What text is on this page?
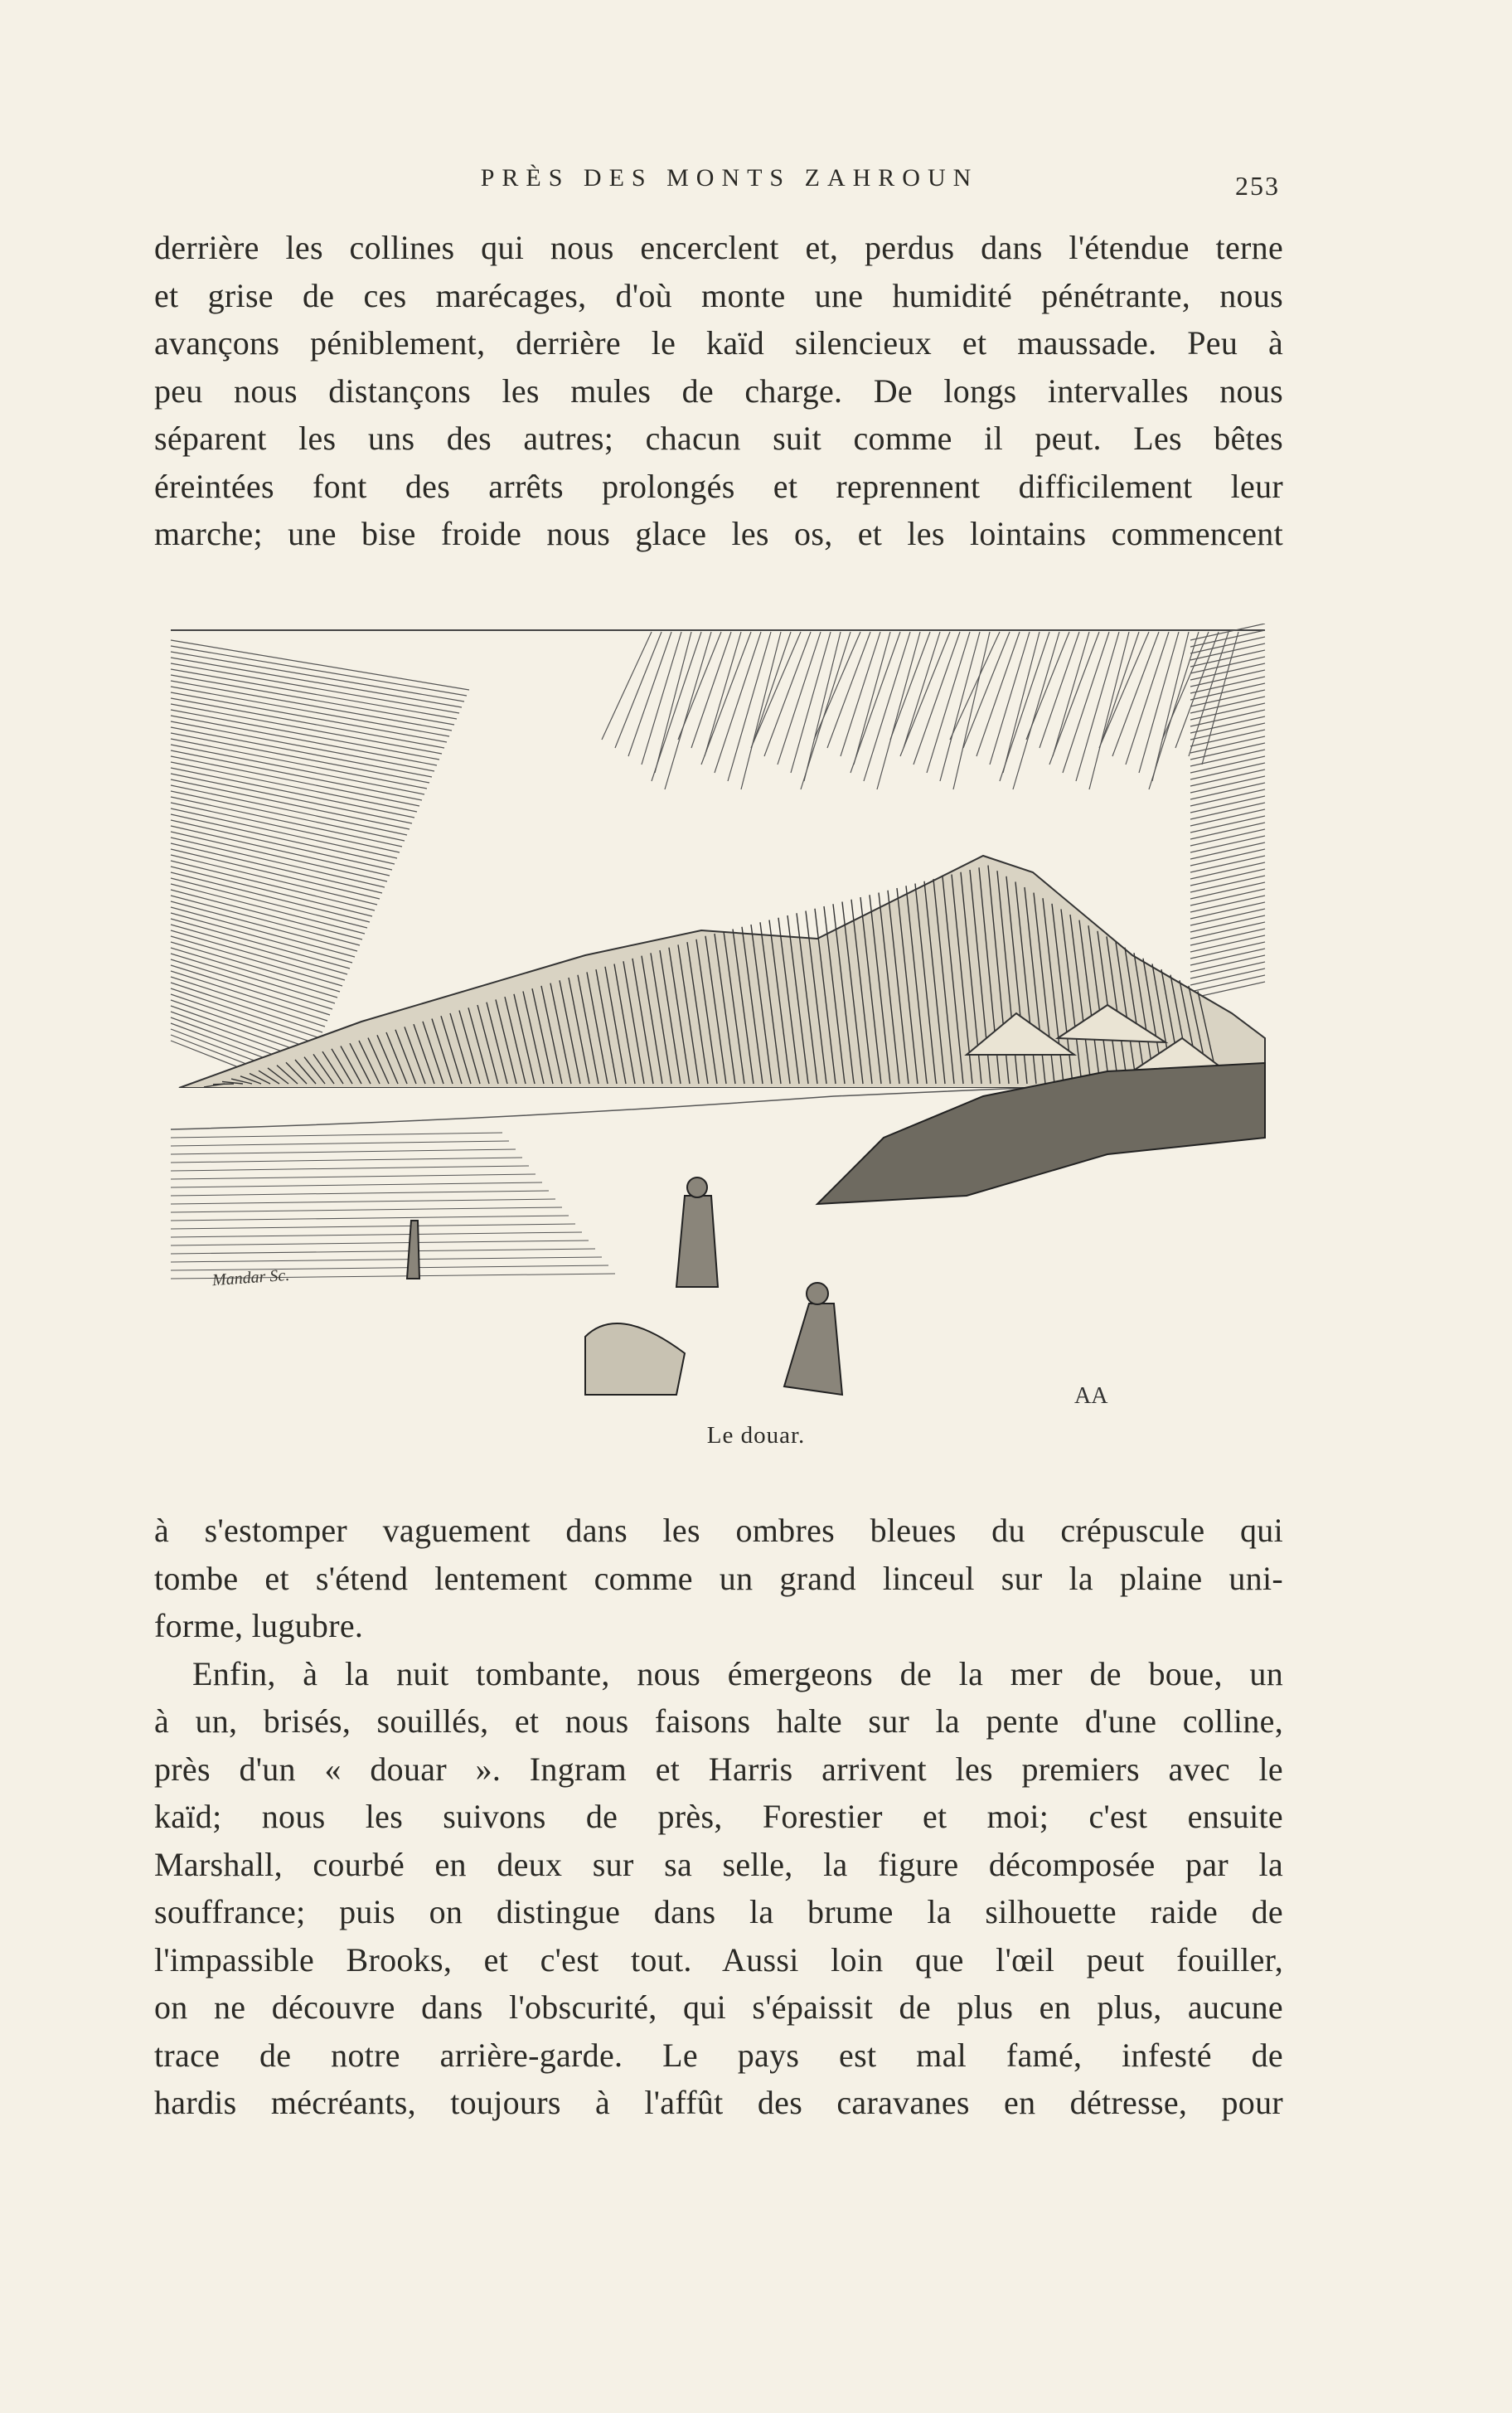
PRÈS DES MONTS ZAHROUN	253
derrière les collines qui nous encerclent et, perdus dans l'étendue terne
et grise de ces marécages, d'où monte une humidité pénétrante, nous
avançons péniblement, derrière le kaïd silencieux et maussade. Peu à
peu nous distançons les mules de charge. De longs intervalles nous
séparent les uns des autres; chacun suit comme il peut. Les bêtes
éreintées font des arrêts prolongés et reprennent difficilement leur
marche; une bise froide nous glace les os, et les lointains commencent
AA
Mandar Sc.
Le douar.
à s'estomper vaguement dans les ombres bleues du crépuscule qui
tombe et s'étend lentement comme un grand linceul sur la plaine uni-
forme, lugubre.
Enfin, à la nuit tombante, nous émergeons de la mer de boue, un
à un, brisés, souillés, et nous faisons halte sur la pente d'une colline,
près d'un « douar ». Ingram et Harris arrivent les premiers avec le
kaïd; nous les suivons de près, Forestier et moi; c'est ensuite
Marshall, courbé en deux sur sa selle, la figure décomposée par la
souffrance; puis on distingue dans la brume la silhouette raide de
l'impassible Brooks, et c'est tout. Aussi loin que l'œil peut fouiller,
on ne découvre dans l'obscurité, qui s'épaissit de plus en plus, aucune
trace de notre arrière-garde. Le pays est mal famé, infesté de
hardis mécréants, toujours à l'affût des caravanes en détresse, pour
